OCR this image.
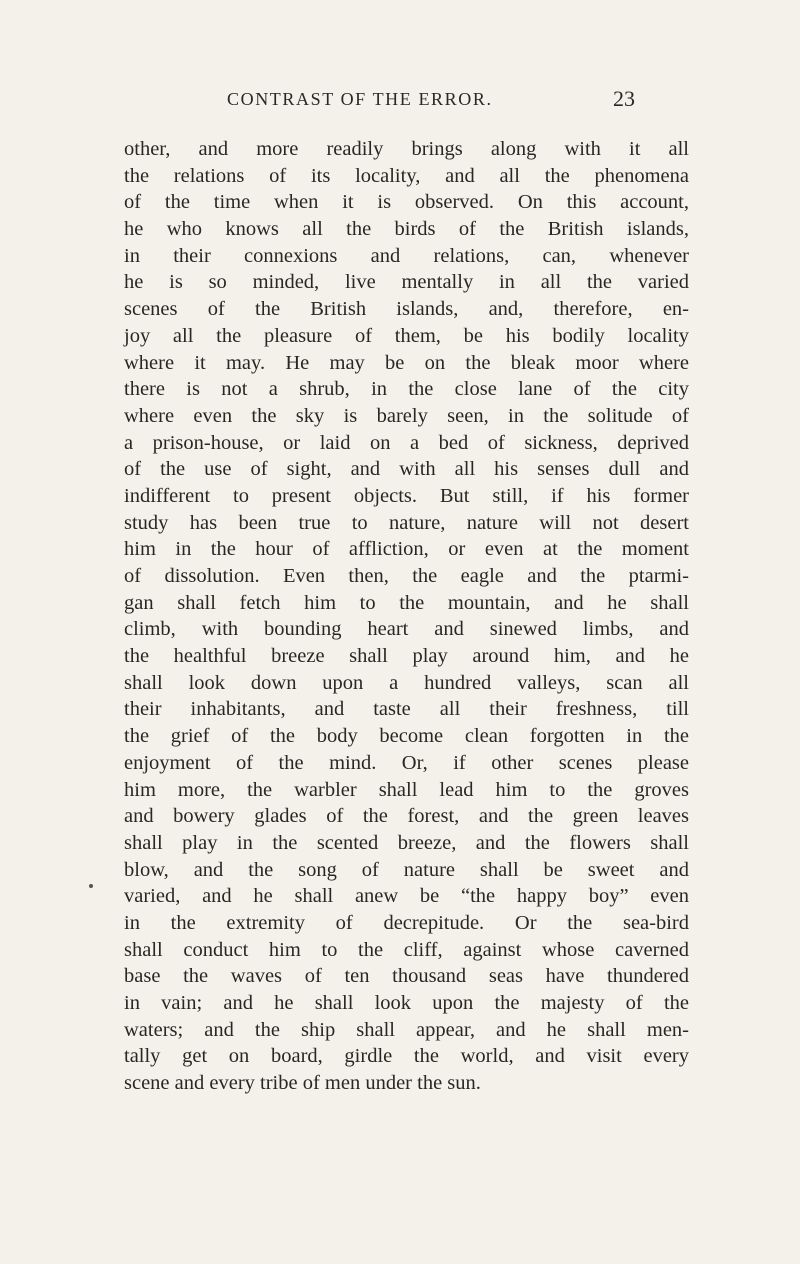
CONTRAST OF THE ERROR.	23
other, and more readily brings along with it all
the relations of its locality, and all the phenomena
of the time when it is observed. On this account,
he who knows all the birds of the British islands,
in their connexions and relations, can, whenever
he is so minded, live mentally in all the varied
scenes of the British islands, and, therefore, en-
joy all the pleasure of them, be his bodily locality
where it may. He may be on the bleak moor where
there is not a shrub, in the close lane of the city
where even the sky is barely seen, in the solitude of
a prison-house, or laid on a bed of sickness, deprived
of the use of sight, and with all his senses dull and
indifferent to present objects. But still, if his former
study has been true to nature, nature will not desert
him in the hour of affliction, or even at the moment
of dissolution. Even then, the eagle and the ptarmi-
gan shall fetch him to the mountain, and he shall
climb, with bounding heart and sinewed limbs, and
the healthful breeze shall play around him, and he
shall look down upon a hundred valleys, scan all
their inhabitants, and taste all their freshness, till
the grief of the body become clean forgotten in the
enjoyment of the mind. Or, if other scenes please
him more, the warbler shall lead him to the groves
and bowery glades of the forest, and the green leaves
shall play in the scented breeze, and the flowers shall
blow, and the song of nature shall be sweet and
varied, and he shall anew be “the happy boy” even
in the extremity of decrepitude. Or the sea-bird
shall conduct him to the cliff, against whose caverned
base the waves of ten thousand seas have thundered
in vain; and he shall look upon the majesty of the
waters; and the ship shall appear, and he shall men-
tally get on board, girdle the world, and visit every
scene and every tribe of men under the sun.
